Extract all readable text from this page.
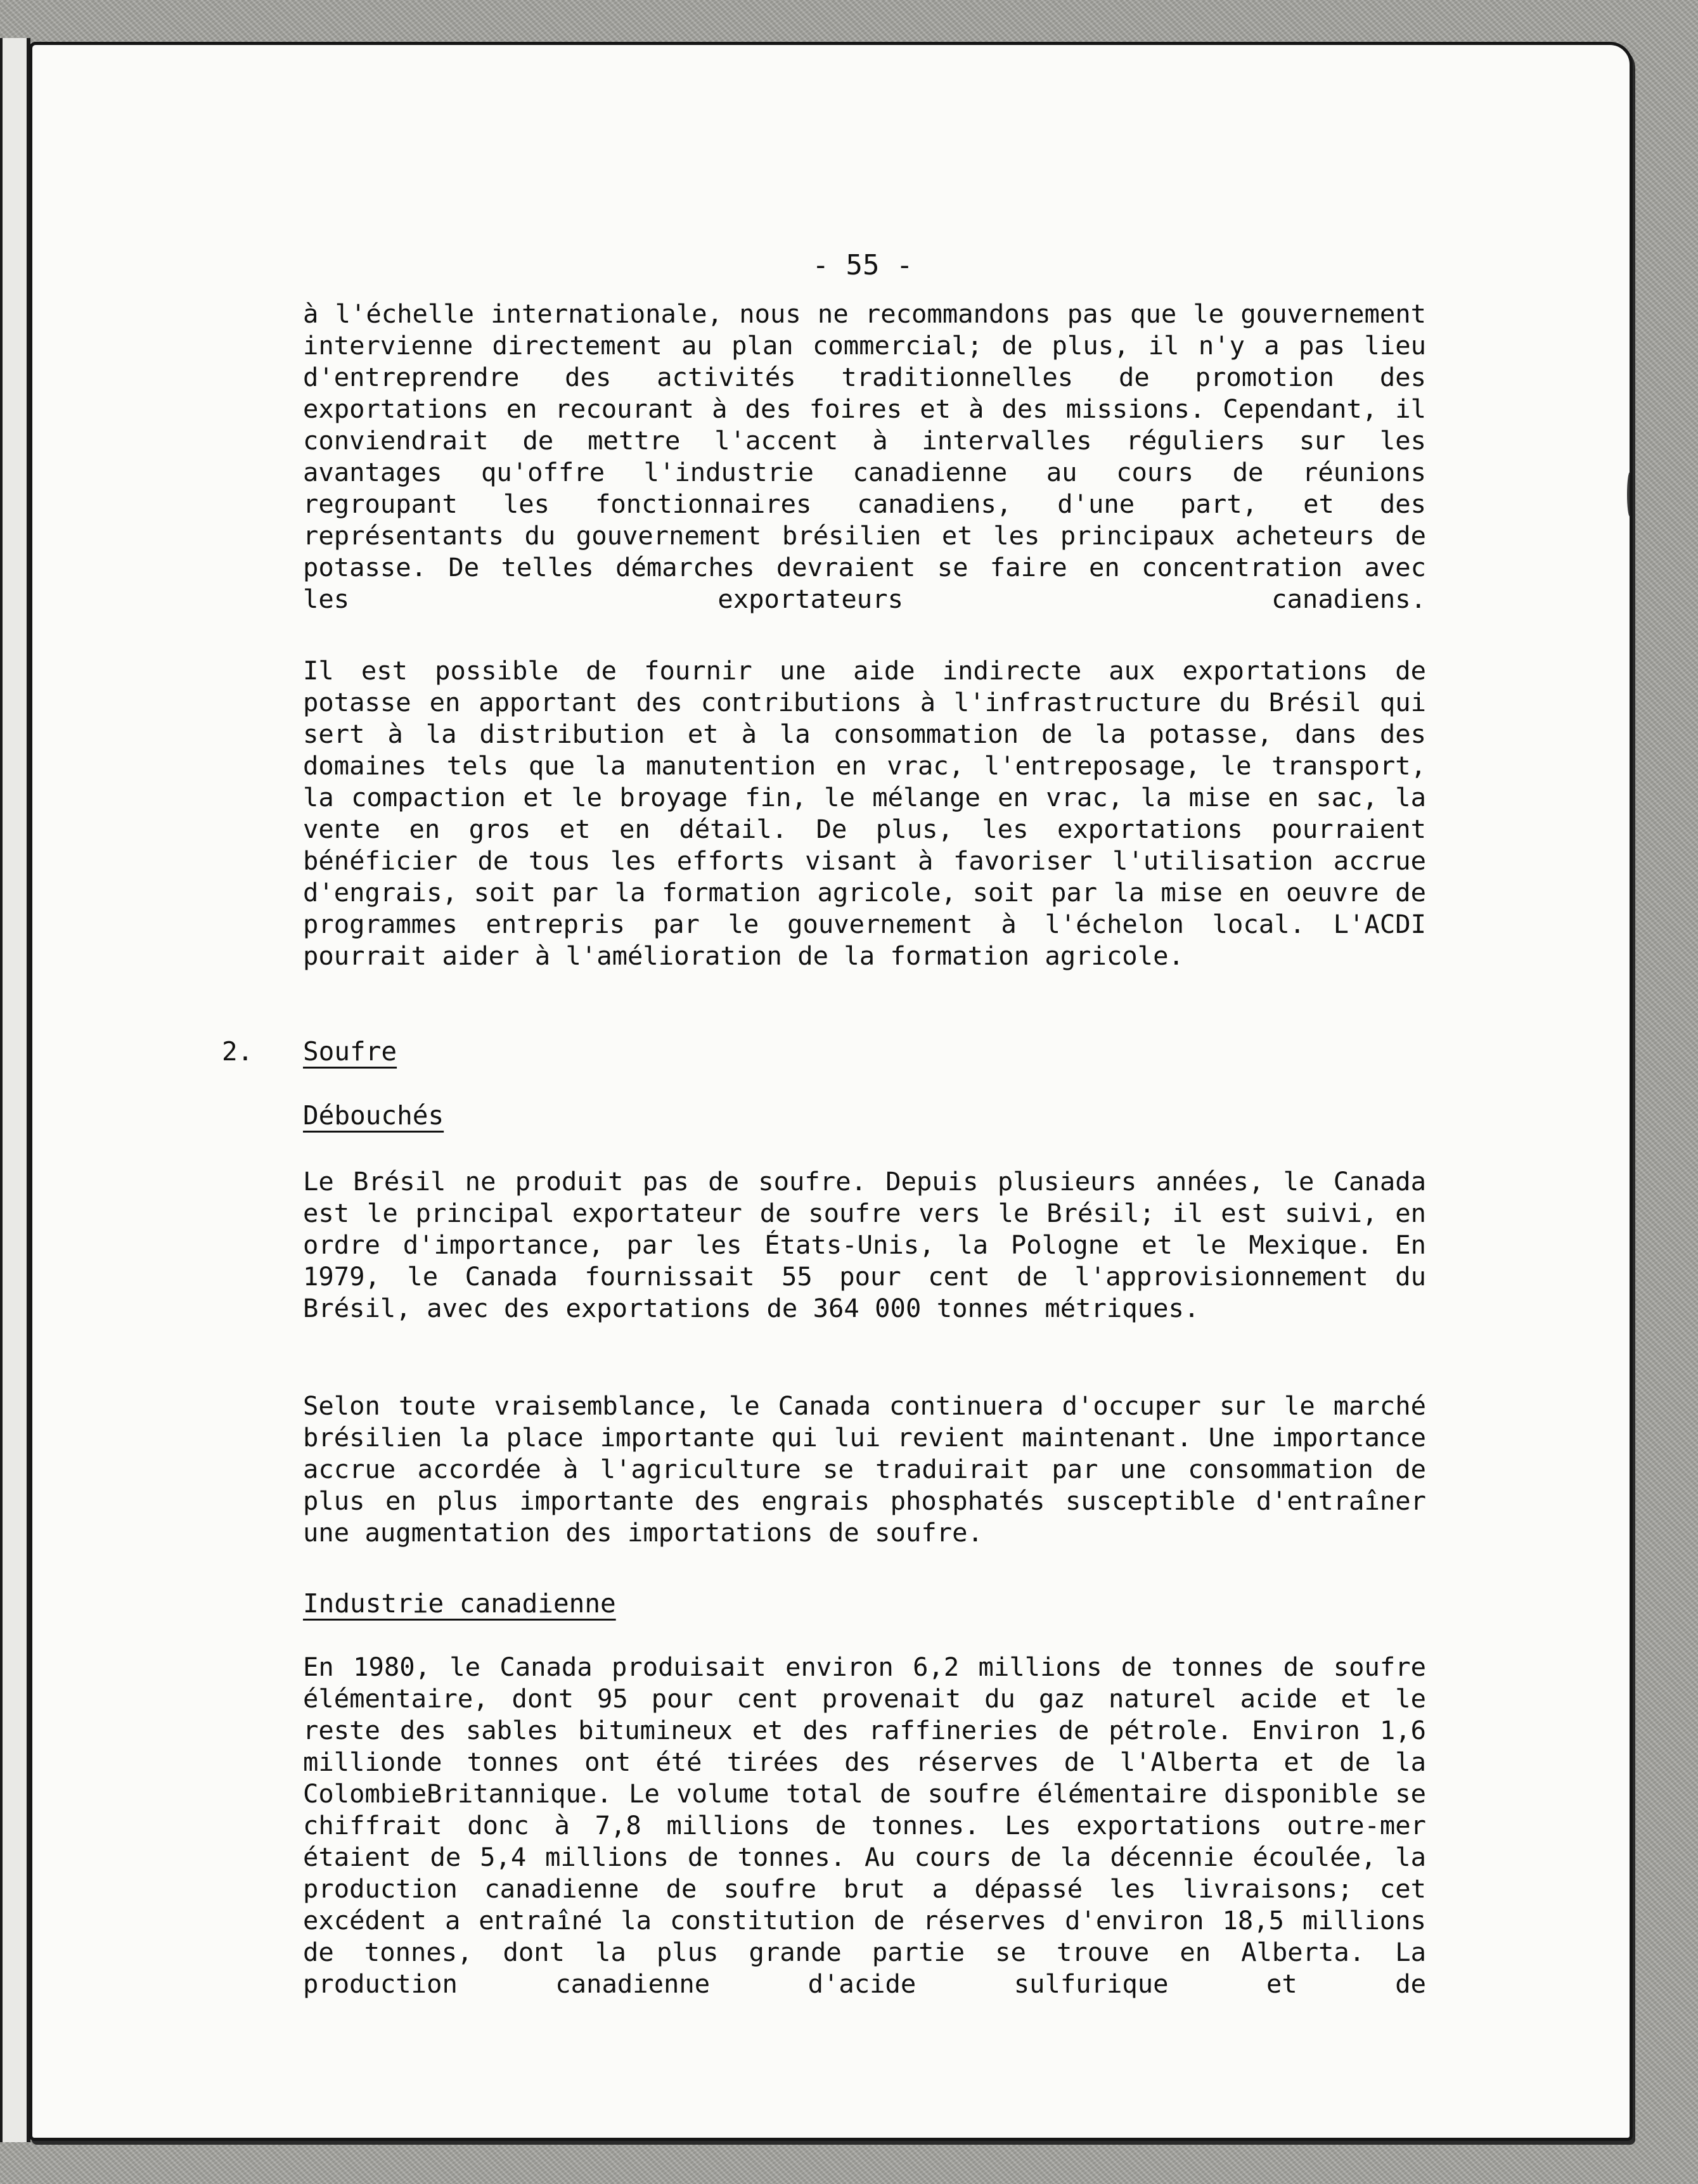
- 55 -
à l'échelle internationale, nous ne recommandons pas que le gouvernement intervienne directement au plan commercial; de plus, il n'y a pas lieu d'entreprendre des activités traditionnelles de promotion des exportations en recourant à des foires et à des missions. Cependant, il conviendrait de mettre l'accent à intervalles réguliers sur les avantages qu'offre l'industrie canadienne au cours de réunions regroupant les fonctionnaires canadiens, d'une part, et des représentants du gouvernement brésilien et les principaux acheteurs de potasse. De telles démarches devraient se faire en concentration avec les exportateurs canadiens.
Il est possible de fournir une aide indirecte aux exportations de potasse en apportant des contributions à l'infrastructure du Brésil qui sert à la distribution et à la consommation de la potasse, dans des domaines tels que la manutention en vrac, l'entreposage, le transport, la compaction et le broyage fin, le mélange en vrac, la mise en sac, la vente en gros et en détail. De plus, les exportations pourraient bénéficier de tous les efforts visant à favoriser l'utilisation accrue d'engrais, soit par la formation agricole, soit par la mise en oeuvre de programmes entrepris par le gouvernement à l'échelon local. L'ACDI pourrait aider à l'amélioration de la formation agricole.
2. Soufre
Débouchés
Le Brésil ne produit pas de soufre. Depuis plusieurs années, le Canada est le principal exportateur de soufre vers le Brésil; il est suivi, en ordre d'importance, par les États-Unis, la Pologne et le Mexique. En 1979, le Canada fournissait 55 pour cent de l'approvisionnement du Brésil, avec des exportations de 364 000 tonnes métriques.
Selon toute vraisemblance, le Canada continuera d'occuper sur le marché brésilien la place importante qui lui revient maintenant. Une importance accrue accordée à l'agriculture se traduirait par une consommation de plus en plus importante des engrais phosphatés susceptible d'entraîner une augmentation des importations de soufre.
Industrie canadienne
En 1980, le Canada produisait environ 6,2 millions de tonnes de soufre élémentaire, dont 95 pour cent provenait du gaz naturel acide et le reste des sables bitumineux et des raffineries de pétrole. Environ 1,6 millionde tonnes ont été tirées des réserves de l'Alberta et de la ColombieBritannique. Le volume total de soufre élémentaire disponible se chiffrait donc à 7,8 millions de tonnes. Les exportations outre-mer étaient de 5,4 millions de tonnes. Au cours de la décennie écoulée, la production canadienne de soufre brut a dépassé les livraisons; cet excédent a entraîné la constitution de réserves d'environ 18,5 millions de tonnes, dont la plus grande partie se trouve en Alberta. La production canadienne d'acide sulfurique et de
